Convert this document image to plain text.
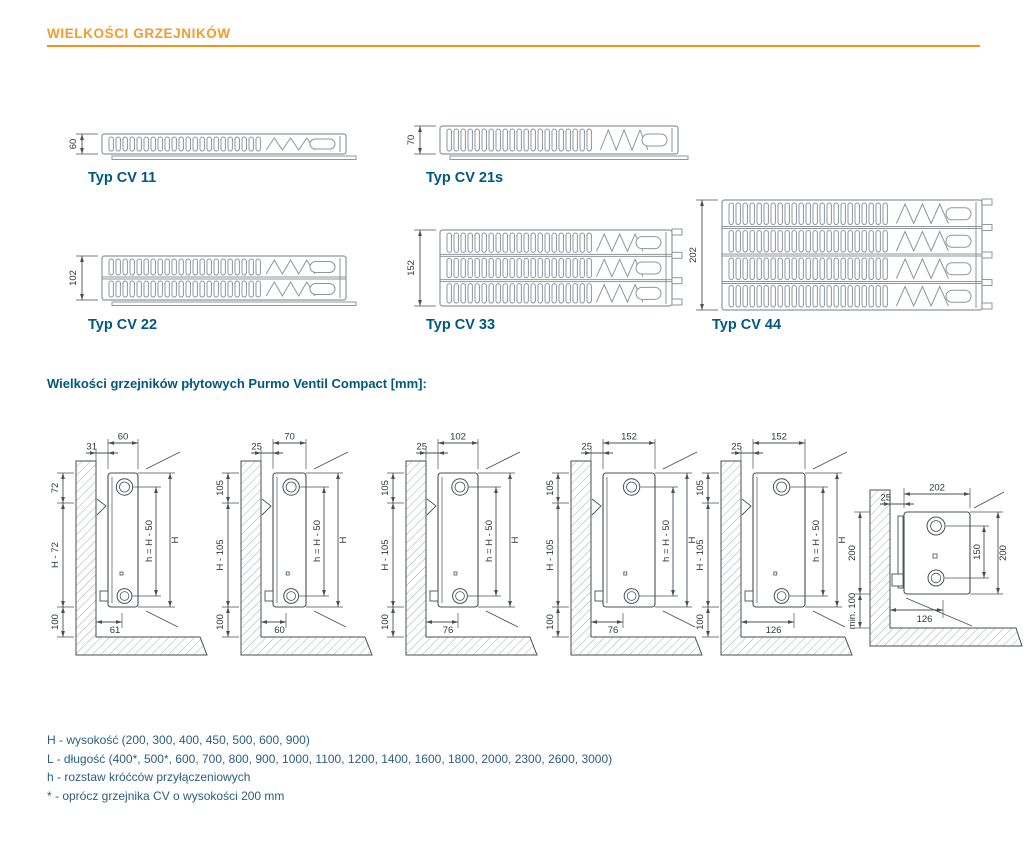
WIELKOŚCI GRZEJNIKÓW
60	70
102
152
202
Typ CV 11	Typ CV 21s
Typ CV 22	Typ CV 33	Typ CV 44
Wielkości grzejników płytowych Purmo Ventil Compact [mm]:
60
31
72
H - 72
100
h = H - 50 H
61
70
25
105
H - 105
100
h = H - 50 H
60
102
25
105
H - 105
100
h = H - 50 H
76
152
25
105
H - 105
100
h = H - 50 H
76
152
25
105
H - 105
100
h = H - 50 H
126
202
25
150 200
200
min. 100	126
H - wysokość (200, 300, 400, 450, 500, 600, 900)
L - długość (400*, 500*, 600, 700, 800, 900, 1000, 1100, 1200, 1400, 1600, 1800, 2000, 2300, 2600, 3000)
h - rozstaw króćców przyłączeniowych
* - oprócz grzejnika CV o wysokości 200 mm
